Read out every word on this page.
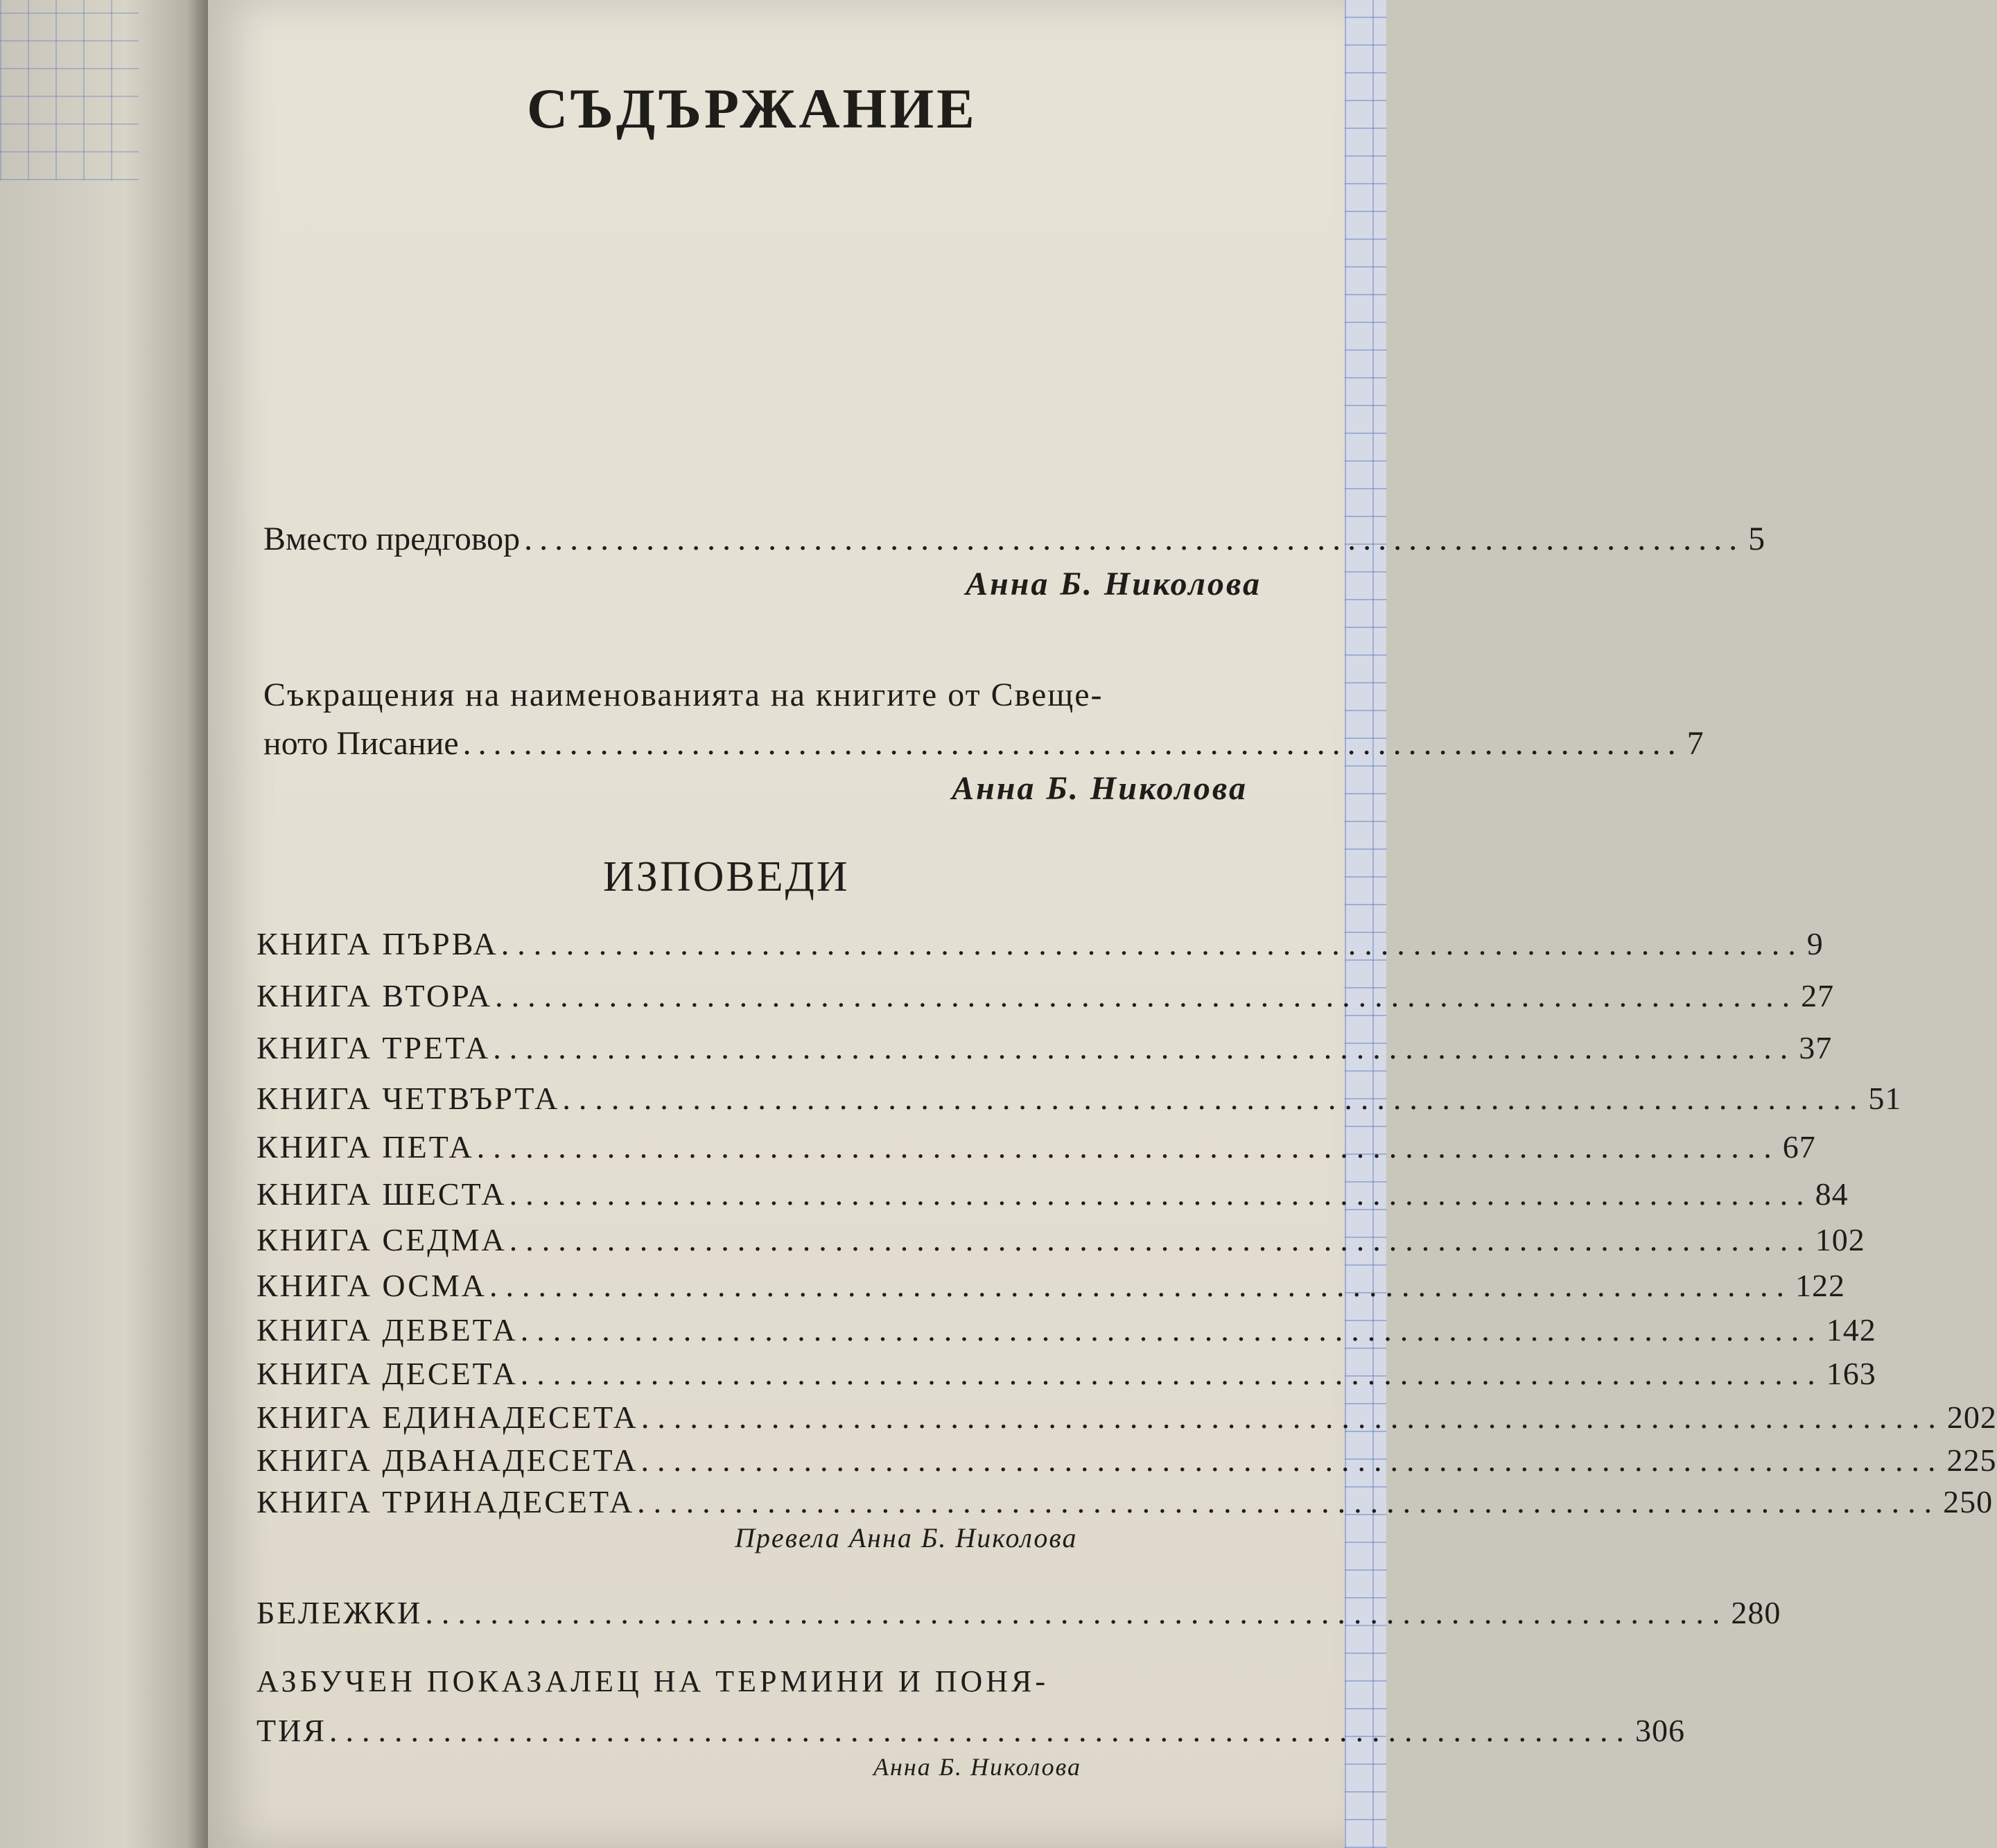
СЪДЪРЖАНИЕ
Вместо предговор ................................................................................ 5
Анна Б. Николова
Съкращения на наименованията на книгите от Свеще-
ното Писание ................................................................................ 7
Анна Б. Николова
ИЗПОВЕДИ
КНИГА ПЪРВА ................................................................................ 9
КНИГА ВТОРА ................................................................................ 27
КНИГА ТРЕТА ................................................................................ 37
КНИГА ЧЕТВЪРТА ................................................................................ 51
КНИГА ПЕТА ................................................................................ 67
КНИГА ШЕСТА ................................................................................ 84
КНИГА СЕДМА ................................................................................ 102
КНИГА ОСМА ................................................................................ 122
КНИГА ДЕВЕТА ................................................................................ 142
КНИГА ДЕСЕТА ................................................................................ 163
КНИГА ЕДИНАДЕСЕТА ................................................................................ 202
КНИГА ДВАНАДЕСЕТА ................................................................................ 225
КНИГА ТРИНАДЕСЕТА ................................................................................ 250
Превела Анна Б. Николова
БЕЛЕЖКИ ................................................................................ 280
АЗБУЧЕН ПОКАЗАЛЕЦ НА ТЕРМИНИ И ПОНЯ-
ТИЯ ................................................................................ 306
Анна Б. Николова
